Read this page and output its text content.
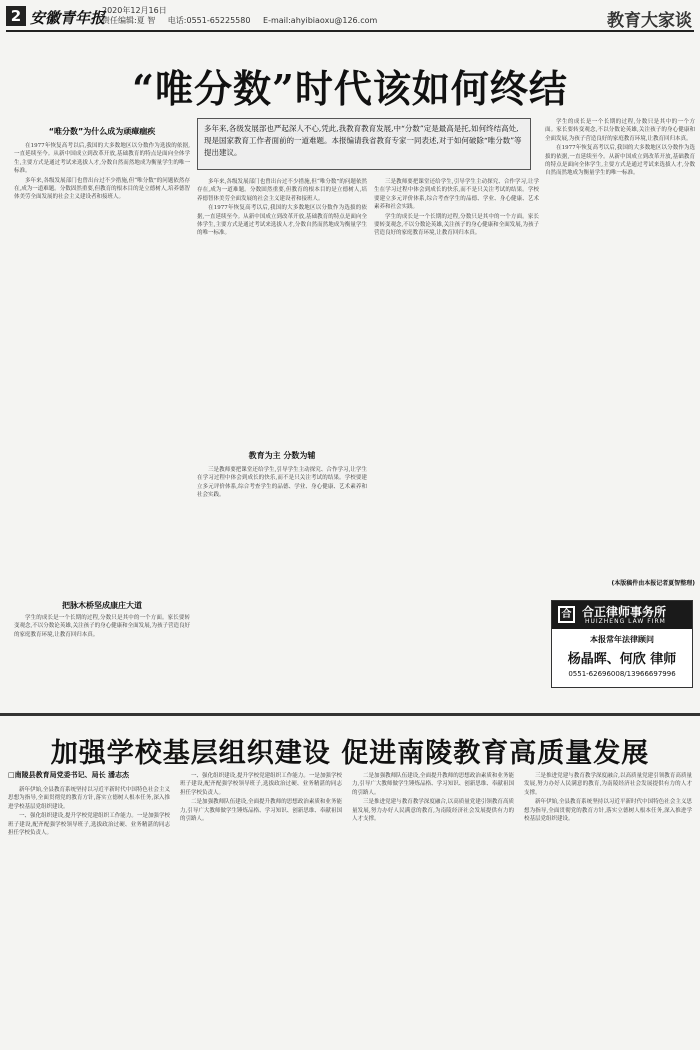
2 安徽青年报
2020年12月16日
责任编辑:夏 智 电话:0551-65225580 E-mail:ahyibiaoxu@126.com	教育大家谈
“唯分数”时代该如何终结
多年来,各级发展部也严起深人不心,凭此,我教育教育发展,中“分数”定是最高是托,如何终结高处,现是国家教育工作者面前的一道难题。本报编请我省教育专家一同表述,对于如何破除“唯分数”等提出建议。
“唯分数”为什么成为顽瘴痼疾

在1977年恢复高考以后,我国的大多数地区以分数作为选拔的依据,一直延续至今。从新中国成立到改革开放,基础教育的特点是面向全体学生,主要方式是通过考试来选拔人才,分数自然而然地成为衡量学生的唯一标准。

多年来,各级发展部门也曾出台过不少措施,但“唯分数”的问题依然存在,成为一道难题。分数固然重要,但教育的根本目的是立德树人,培养德智体美劳全面发展的社会主义建设者和接班人。

把脉木桥坚成康庄大道

学生的成长是一个长期的过程,分数只是其中的一个方面。家长要转变观念,不以分数论英雄,关注孩子的身心健康和全面发展,为孩子营造良好的家庭教育环境,让教育回归本真。

多年来,各级发展部门也曾出台过不少措施,但“唯分数”的问题依然存在,成为一道难题。分数固然重要,但教育的根本目的是立德树人,培养德智体美劳全面发展的社会主义建设者和接班人。

在1977年恢复高考以后,我国的大多数地区以分数作为选拔的依据,一直延续至今。从新中国成立到改革开放,基础教育的特点是面向全体学生,主要方式是通过考试来选拔人才,分数自然而然地成为衡量学生的唯一标准。

教育为主 分数为辅

三是教师要把课堂还给学生,引导学生主动探究、合作学习,让学生在学习过程中体会到成长的快乐,而不是只关注考试的结果。学校要建立多元评价体系,综合考查学生的品德、学业、身心健康、艺术素养和社会实践。

三是教师要把课堂还给学生,引导学生主动探究、合作学习,让学生在学习过程中体会到成长的快乐,而不是只关注考试的结果。学校要建立多元评价体系,综合考查学生的品德、学业、身心健康、艺术素养和社会实践。

学生的成长是一个长期的过程,分数只是其中的一个方面。家长要转变观念,不以分数论英雄,关注孩子的身心健康和全面发展,为孩子营造良好的家庭教育环境,让教育回归本真。

学生的成长是一个长期的过程,分数只是其中的一个方面。家长要转变观念,不以分数论英雄,关注孩子的身心健康和全面发展,为孩子营造良好的家庭教育环境,让教育回归本真。

在1977年恢复高考以后,我国的大多数地区以分数作为选拔的依据,一直延续至今。从新中国成立到改革开放,基础教育的特点是面向全体学生,主要方式是通过考试来选拔人才,分数自然而然地成为衡量学生的唯一标准。

(本版稿件由本报记者夏智整理)
合 合正律师事务所
HUIZHENG LAW FIRM
本报常年法律顾问
杨晶晖、何欣 律师
0551-62696008/13966697996
加强学校基层组织建设 促进南陵教育高质量发展
□南陵县教育局党委书记、局长 潘志杰

新年伊始,全县教育系统坚持以习近平新时代中国特色社会主义思想为指导,全面贯彻党的教育方针,落实立德树人根本任务,深入推进学校基层党组织建设。

一、强化组织建设,提升学校党建组织工作能力。一是加强学校班子建设,配齐配强学校领导班子,选拔政治过硬、业务精湛的同志担任学校负责人。

一、强化组织建设,提升学校党建组织工作能力。一是加强学校班子建设,配齐配强学校领导班子,选拔政治过硬、业务精湛的同志担任学校负责人。

二是加强教师队伍建设,全面提升教师的思想政治素质和业务能力,引导广大教师做学生锤炼品格、学习知识、创新思维、奉献祖国的引路人。

二是加强教师队伍建设,全面提升教师的思想政治素质和业务能力,引导广大教师做学生锤炼品格、学习知识、创新思维、奉献祖国的引路人。

三是推进党建与教育教学深度融合,以高质量党建引领教育高质量发展,努力办好人民满意的教育,为南陵经济社会发展提供有力的人才支撑。

三是推进党建与教育教学深度融合,以高质量党建引领教育高质量发展,努力办好人民满意的教育,为南陵经济社会发展提供有力的人才支撑。

新年伊始,全县教育系统坚持以习近平新时代中国特色社会主义思想为指导,全面贯彻党的教育方针,落实立德树人根本任务,深入推进学校基层党组织建设。
